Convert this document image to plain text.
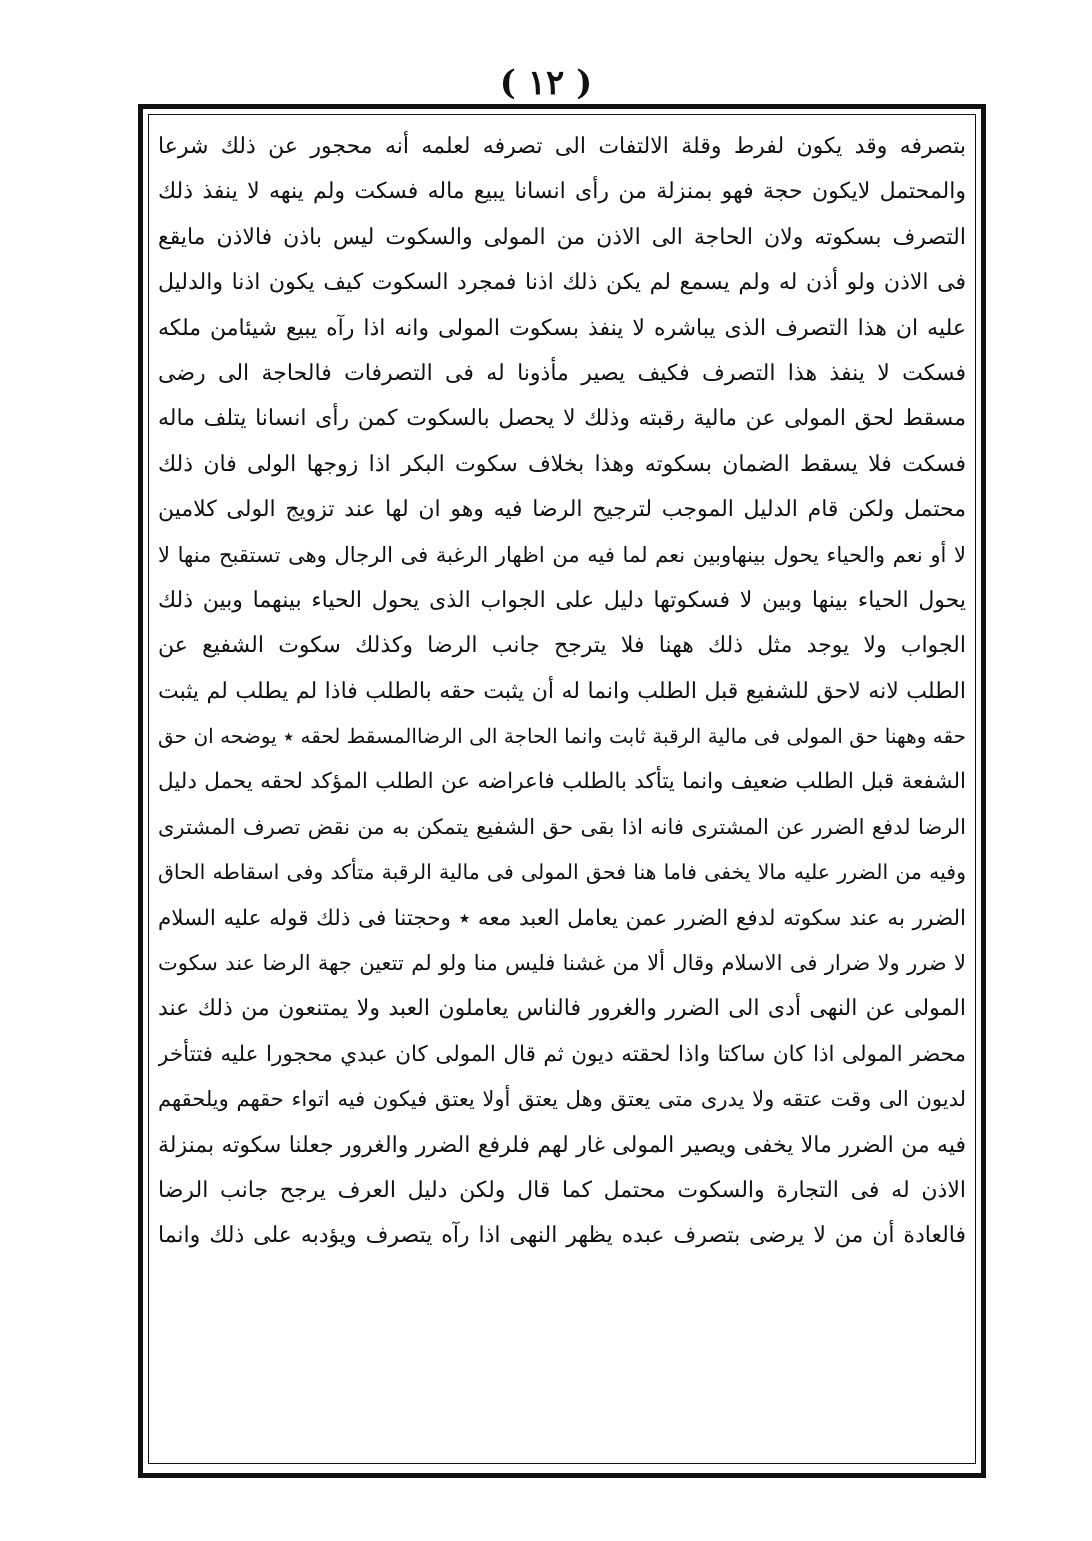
( ١٢ )
بتصرفه وقد يكون لفرط وقلة الالتفات الى تصرفه لعلمه أنه محجور عن ذلك شرعا
والمحتمل لايكون حجة فهو بمنزلة من رأى انسانا يبيع ماله فسكت ولم ينهه لا ينفذ ذلك
التصرف بسكوته ولان الحاجة الى الاذن من المولى والسكوت ليس باذن فالاذن مايقع
فى الاذن ولو أذن له ولم يسمع لم يكن ذلك اذنا فمجرد السكوت كيف يكون اذنا والدليل
عليه ان هذا التصرف الذى يباشره لا ينفذ بسكوت المولى وانه اذا رآه يبيع شيئامن ملكه
فسكت لا ينفذ هذا التصرف فكيف يصير مأذونا له فى التصرفات فالحاجة الى رضى
مسقط لحق المولى عن مالية رقبته وذلك لا يحصل بالسكوت كمن رأى انسانا يتلف ماله
فسكت فلا يسقط الضمان بسكوته وهذا بخلاف سكوت البكر اذا زوجها الولى فان ذلك
محتمل ولكن قام الدليل الموجب لترجيح الرضا فيه وهو ان لها عند تزويج الولى كلامين
لا أو نعم والحياء يحول بينهاوبين نعم لما فيه من اظهار الرغبة فى الرجال وهى تستقبح منها لا
يحول الحياء بينها وبين لا فسكوتها دليل على الجواب الذى يحول الحياء بينهما وبين ذلك
الجواب ولا يوجد مثل ذلك ههنا فلا يترجح جانب الرضا وكذلك سكوت الشفيع عن
الطلب لانه لاحق للشفيع قبل الطلب وانما له أن يثبت حقه بالطلب فاذا لم يطلب لم يثبت
حقه وههنا حق المولى فى مالية الرقبة ثابت وانما الحاجة الى الرضاالمسقط لحقه ٭ يوضحه ان حق
الشفعة قبل الطلب ضعيف وانما يتأكد بالطلب فاعراضه عن الطلب المؤكد لحقه يحمل دليل
الرضا لدفع الضرر عن المشترى فانه اذا بقى حق الشفيع يتمكن به من نقض تصرف المشترى
وفيه من الضرر عليه مالا يخفى فاما هنا فحق المولى فى مالية الرقبة متأكد وفى اسقاطه الحاق
الضرر به عند سكوته لدفع الضرر عمن يعامل العبد معه ٭ وحجتنا فى ذلك قوله عليه السلام
لا ضرر ولا ضرار فى الاسلام وقال ألا من غشنا فليس منا ولو لم تتعين جهة الرضا عند سكوت
المولى عن النهى أدى الى الضرر والغرور فالناس يعاملون العبد ولا يمتنعون من ذلك عند
محضر المولى اذا كان ساكتا واذا لحقته ديون ثم قال المولى كان عبدي محجورا عليه فتتأخر
لديون الى وقت عتقه ولا يدرى متى يعتق وهل يعتق أولا يعتق فيكون فيه اتواء حقهم ويلحقهم
فيه من الضرر مالا يخفى ويصير المولى غار لهم فلرفع الضرر والغرور جعلنا سكوته بمنزلة
الاذن له فى التجارة والسكوت محتمل كما قال ولكن دليل العرف يرجح جانب الرضا
فالعادة أن من لا يرضى بتصرف عبده يظهر النهى اذا رآه يتصرف ويؤدبه على ذلك وانما
